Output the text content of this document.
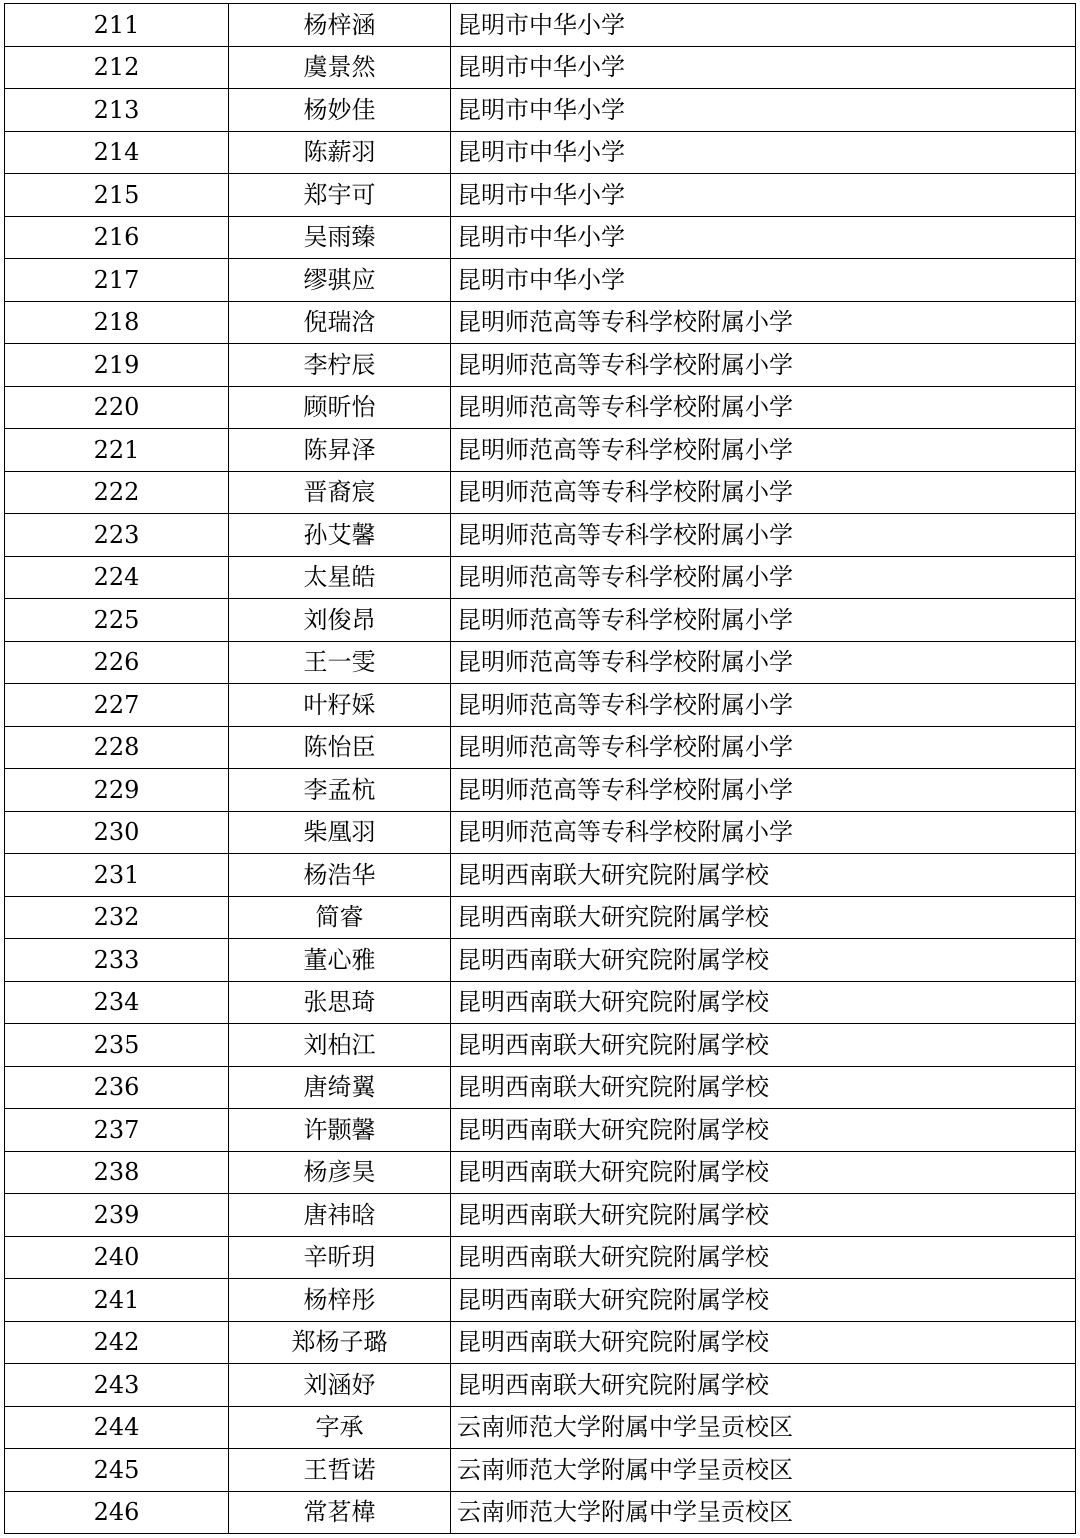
211	杨梓涵	昆明市中华小学
212	虞景然	昆明市中华小学
213	杨妙佳	昆明市中华小学
214	陈薪羽	昆明市中华小学
215	郑宇可	昆明市中华小学
216	吴雨臻	昆明市中华小学
217	缪骐应	昆明市中华小学
218	倪瑞浛	昆明师范高等专科学校附属小学
219	李柠辰	昆明师范高等专科学校附属小学
220	顾昕怡	昆明师范高等专科学校附属小学
221	陈昇泽	昆明师范高等专科学校附属小学
222	晋裔宸	昆明师范高等专科学校附属小学
223	孙艾馨	昆明师范高等专科学校附属小学
224	太星皓	昆明师范高等专科学校附属小学
225	刘俊昂	昆明师范高等专科学校附属小学
226	王一雯	昆明师范高等专科学校附属小学
227	叶籽婇	昆明师范高等专科学校附属小学
228	陈怡臣	昆明师范高等专科学校附属小学
229	李孟杭	昆明师范高等专科学校附属小学
230	柴凰羽	昆明师范高等专科学校附属小学
231	杨浩华	昆明西南联大研究院附属学校
232	简睿	昆明西南联大研究院附属学校
233	董心雅	昆明西南联大研究院附属学校
234	张思琦	昆明西南联大研究院附属学校
235	刘柏江	昆明西南联大研究院附属学校
236	唐绮翼	昆明西南联大研究院附属学校
237	许颢馨	昆明西南联大研究院附属学校
238	杨彦昊	昆明西南联大研究院附属学校
239	唐祎晗	昆明西南联大研究院附属学校
240	辛昕玥	昆明西南联大研究院附属学校
241	杨梓彤	昆明西南联大研究院附属学校
242	郑杨子璐	昆明西南联大研究院附属学校
243	刘涵妤	昆明西南联大研究院附属学校
244	字承	云南师范大学附属中学呈贡校区
245	王哲诺	云南师范大学附属中学呈贡校区
246	常茗椲	云南师范大学附属中学呈贡校区
